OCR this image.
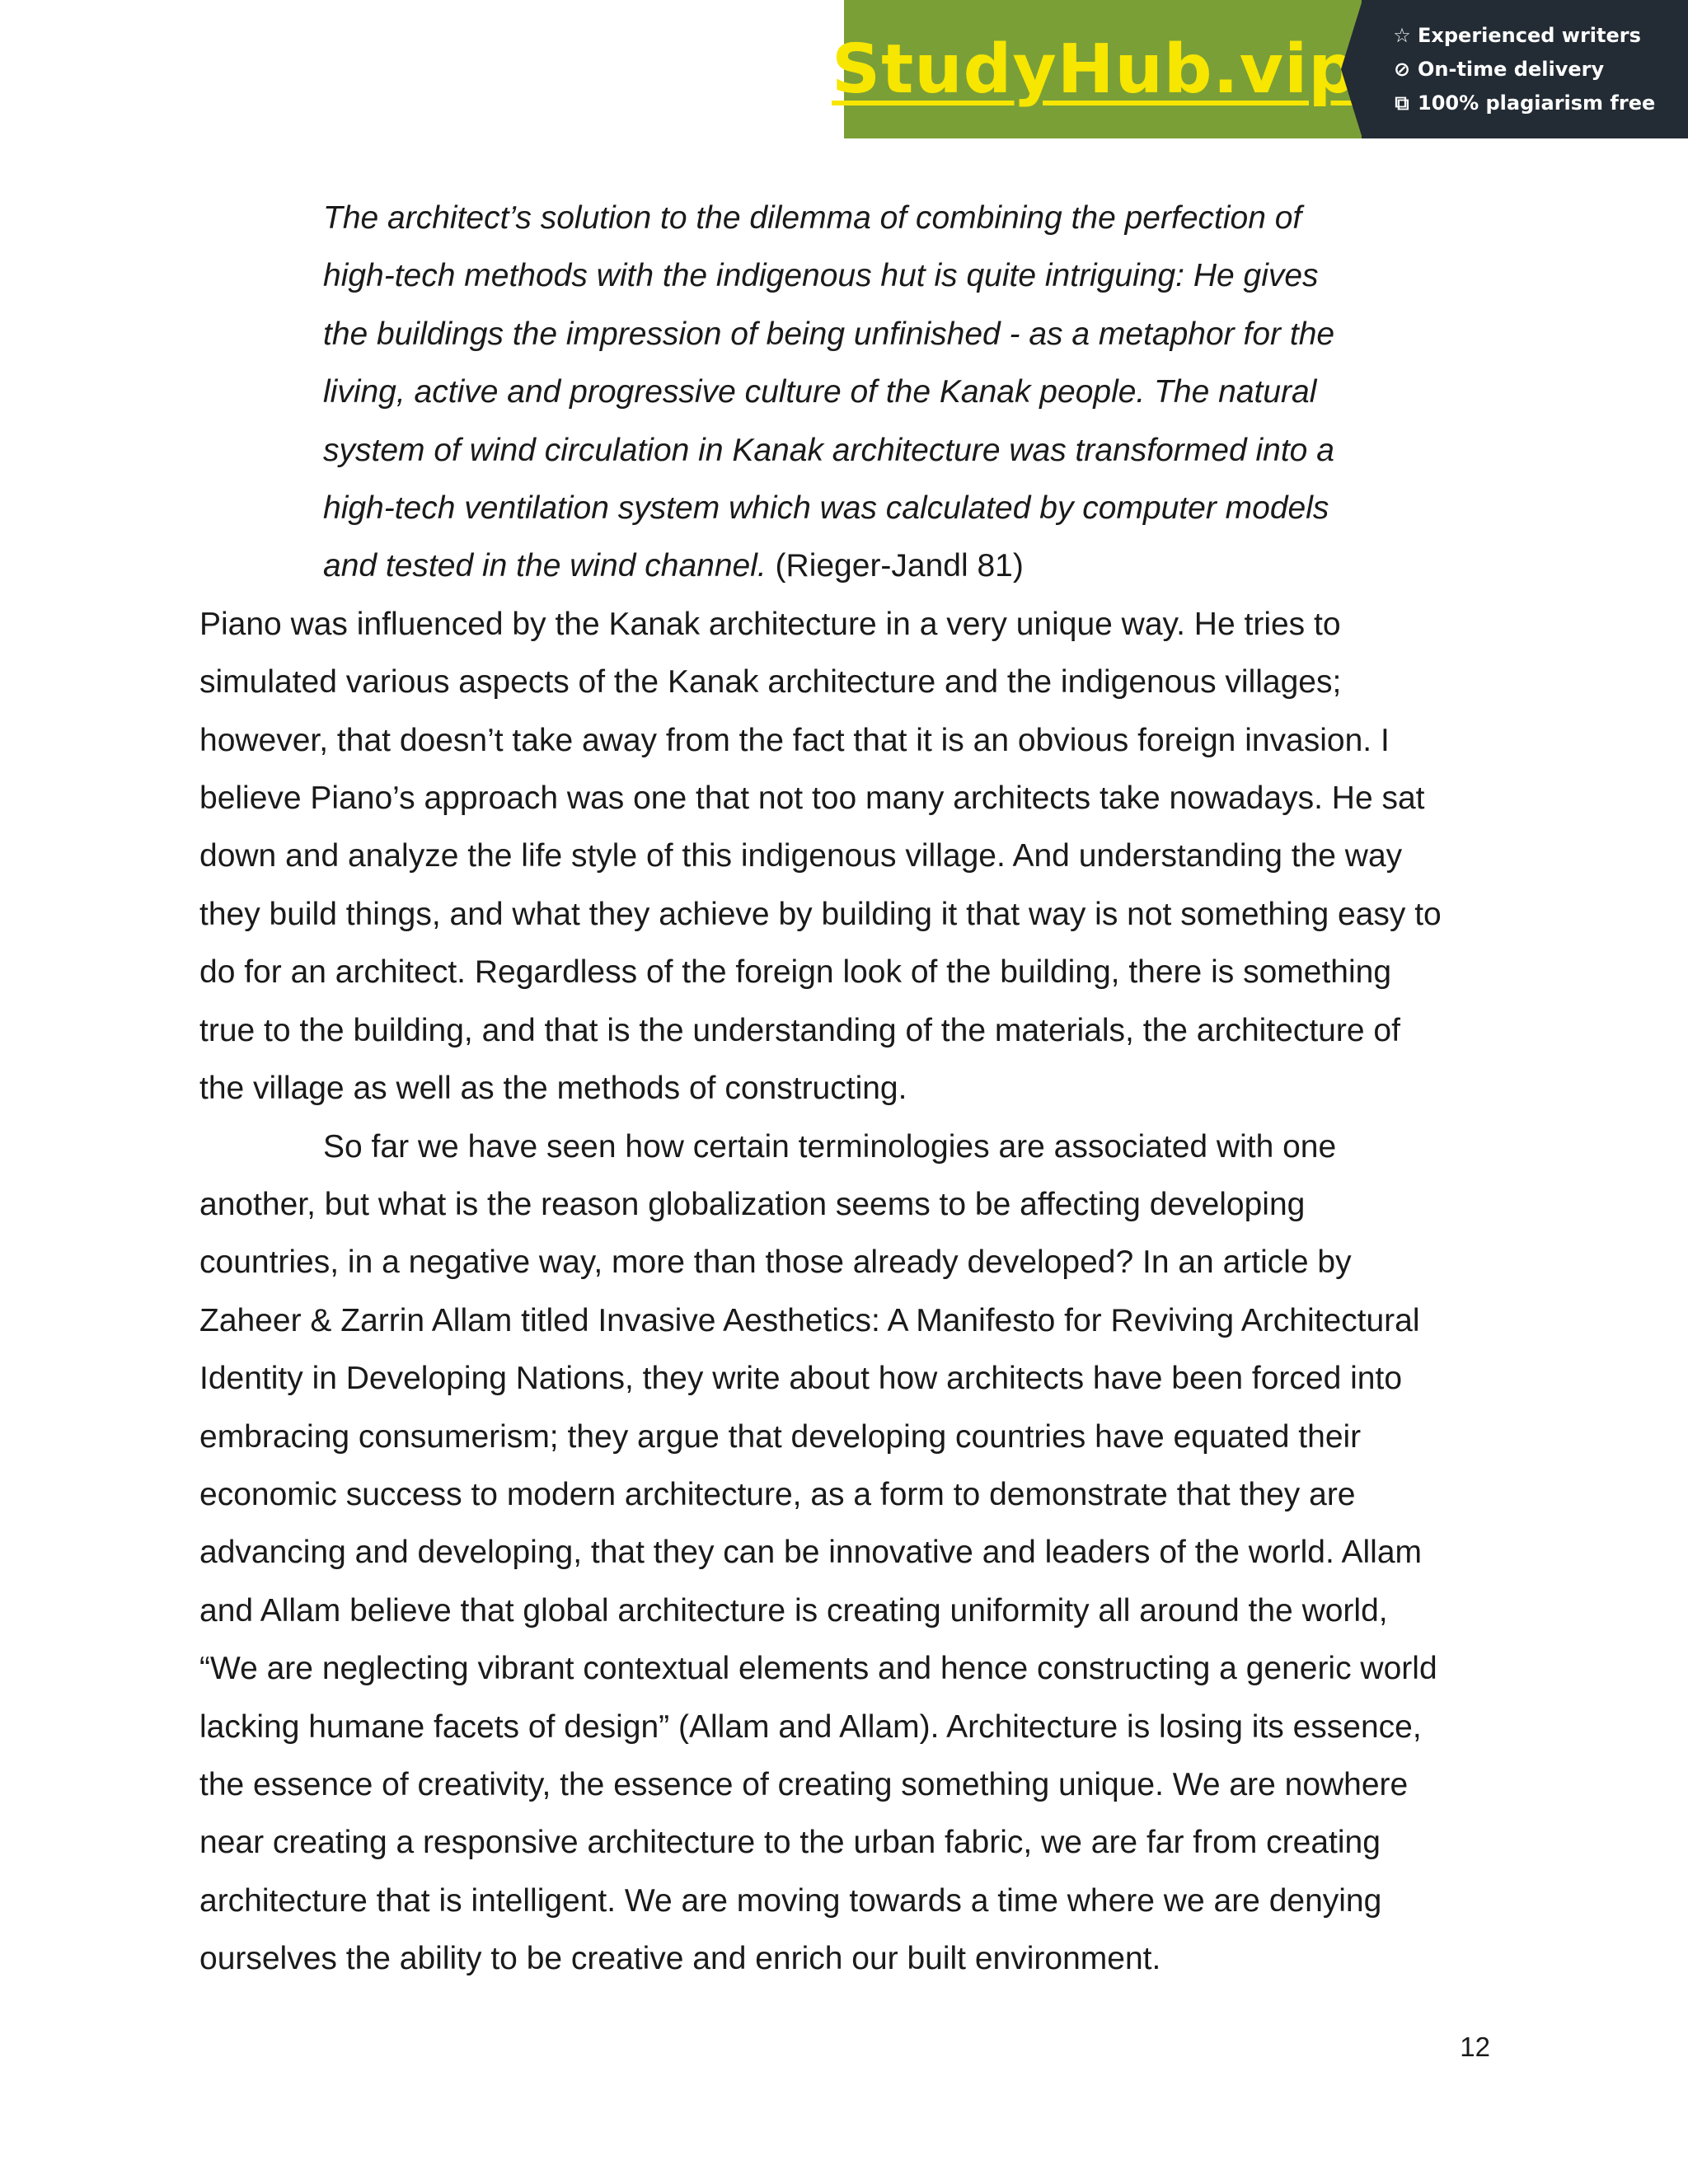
StudyHub.vip ☆ Experienced writers
⊘ On-time delivery
⧉ 100% plagiarism free
The architect’s solution to the dilemma of combining the perfection of
high-tech methods with the indigenous hut is quite intriguing: He gives
the buildings the impression of being unfinished - as a metaphor for the
living, active and progressive culture of the Kanak people. The natural
system of wind circulation in Kanak architecture was transformed into a
high-tech ventilation system which was calculated by computer models
and tested in the wind channel. (Rieger-Jandl 81)
Piano was influenced by the Kanak architecture in a very unique way. He tries to
simulated various aspects of the Kanak architecture and the indigenous villages;
however, that doesn’t take away from the fact that it is an obvious foreign invasion. I
believe Piano’s approach was one that not too many architects take nowadays. He sat
down and analyze the life style of this indigenous village. And understanding the way
they build things, and what they achieve by building it that way is not something easy to
do for an architect. Regardless of the foreign look of the building, there is something
true to the building, and that is the understanding of the materials, the architecture of
the village as well as the methods of constructing.
So far we have seen how certain terminologies are associated with one
another, but what is the reason globalization seems to be affecting developing
countries, in a negative way, more than those already developed? In an article by
Zaheer & Zarrin Allam titled Invasive Aesthetics: A Manifesto for Reviving Architectural
Identity in Developing Nations, they write about how architects have been forced into
embracing consumerism; they argue that developing countries have equated their
economic success to modern architecture, as a form to demonstrate that they are
advancing and developing, that they can be innovative and leaders of the world. Allam
and Allam believe that global architecture is creating uniformity all around the world,
“We are neglecting vibrant contextual elements and hence constructing a generic world
lacking humane facets of design” (Allam and Allam). Architecture is losing its essence,
the essence of creativity, the essence of creating something unique. We are nowhere
near creating a responsive architecture to the urban fabric, we are far from creating
architecture that is intelligent. We are moving towards a time where we are denying
ourselves the ability to be creative and enrich our built environment.
12
